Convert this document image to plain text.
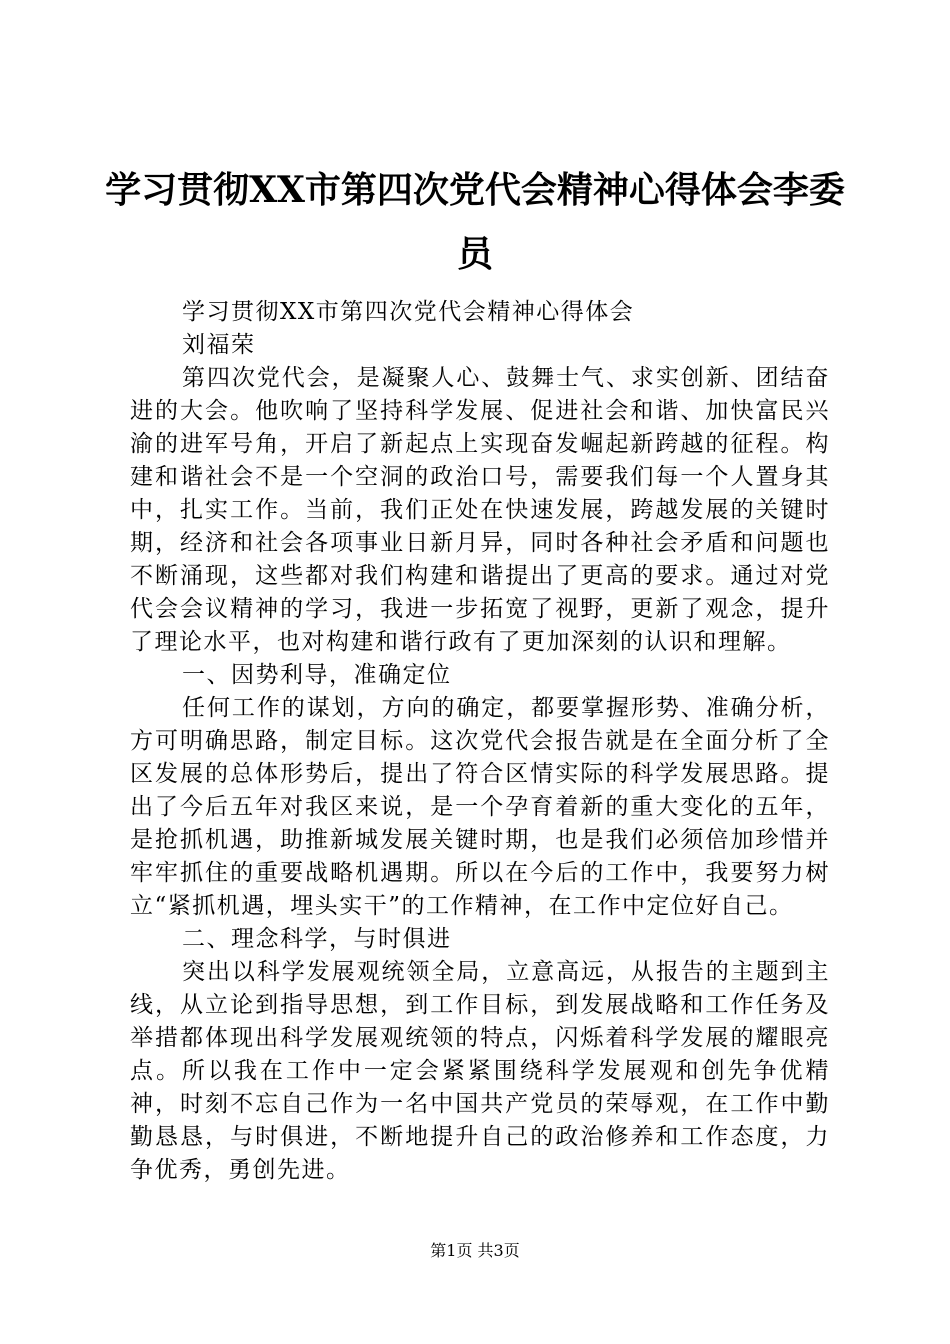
学习贯彻XX市第四次党代会精神心得体会李委员

学习贯彻XX市第四次党代会精神心得体会

刘福荣

第四次党代会，是凝聚人心、鼓舞士气、求实创新、团结奋进的大会。他吹响了坚持科学发展、促进社会和谐、加快富民兴渝的进军号角，开启了新起点上实现奋发崛起新跨越的征程。构建和谐社会不是一个空洞的政治口号，需要我们每一个人置身其中，扎实工作。当前，我们正处在快速发展，跨越发展的关键时期，经济和社会各项事业日新月异，同时各种社会矛盾和问题也不断涌现，这些都对我们构建和谐提出了更高的要求。通过对党代会会议精神的学习，我进一步拓宽了视野，更新了观念，提升了理论水平，也对构建和谐行政有了更加深刻的认识和理解。

一、因势利导，准确定位

任何工作的谋划，方向的确定，都要掌握形势、准确分析，方可明确思路，制定目标。这次党代会报告就是在全面分析了全区发展的总体形势后，提出了符合区情实际的科学发展思路。提出了今后五年对我区来说，是一个孕育着新的重大变化的五年，是抢抓机遇，助推新城发展关键时期，也是我们必须倍加珍惜并牢牢抓住的重要战略机遇期。所以在今后的工作中，我要努力树立“紧抓机遇，埋头实干”的工作精神，在工作中定位好自己。

二、理念科学，与时俱进

突出以科学发展观统领全局，立意高远，从报告的主题到主线，从立论到指导思想，到工作目标，到发展战略和工作任务及举措都体现出科学发展观统领的特点，闪烁着科学发展的耀眼亮点。所以我在工作中一定会紧紧围绕科学发展观和创先争优精神，时刻不忘自己作为一名中国共产党员的荣辱观，在工作中勤勤恳恳，与时俱进，不断地提升自己的政治修养和工作态度，力争优秀，勇创先进。

第1页 共3页
